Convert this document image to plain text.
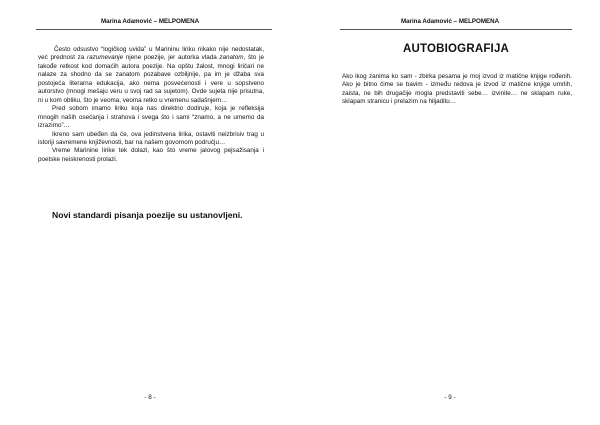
Marina Adamović – MELPOMENA

Često odsustvo “logičkog uvida” u Marininu liriku nikako nije nedostatak, već prednost za razumevanje njene poezije, jer autorka vlada zanatom, što je takođe retkost kod domaćih autora poezije. Na opštu žalost, mnogi liričari ne nalaze za shodno da se zanatom pozabave ozbiljnije, pa im je džaba sva postojeća literarna edukacija, ako nema posvećenosti i vere u sopstveno autorstvo (mnogi mešaju veru u svoj rad sa sujetom). Ovde sujeta nije prisutna, ni u kom obliku, što je veoma, veoma retko u vremenu sadašnjem…

Pred sobom imamo liriku koja nas direktno dodiruje, koja je refleksija mnogih naših osećanja i strahova i svega što i sami “znamo, a ne umemo da izrazimo”…

Ikreno sam ubeđen da će, ova jedinstvena lirika, ostaviti neizbrisiv trag u istoriji savremene književnosti, bar na našem govornom području…

Vreme Marinine lirike tek dolazi, kao što vreme jalovog pejsažisanja i poetske neiskrenosti prolazi.

Novi standardi pisanja poezije su ustanovljeni.
- 8 -
Marina Adamović – MELPOMENA
AUTOBIOGRAFIJA

Ako ikog zanima ko sam - zbirka pesama je moj izvod iz matične knjige rođenih. Ako je bitno čime se bavim - između redova je izvod iz matične knjige umrlih, zaista, ne bih drugačije mogla predstaviti sebe… izvinite… ne sklapam ruke, sklapam stranicu i prelazim na hiljaditu…

- 9 -
